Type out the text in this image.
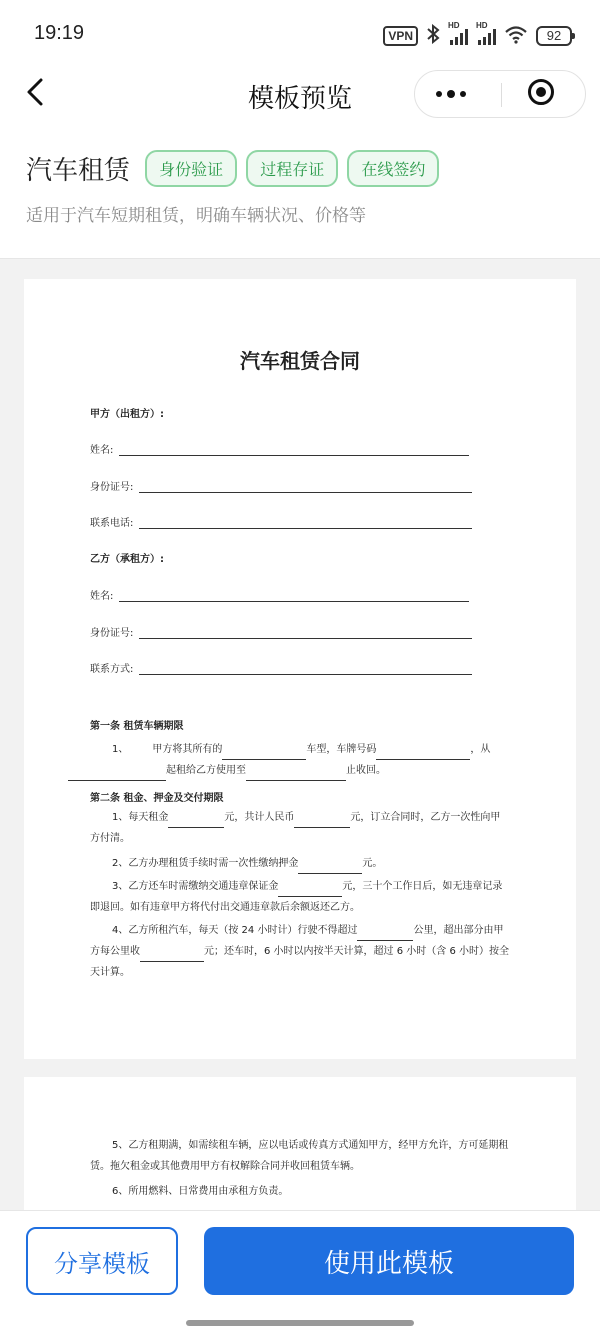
19:19	VPN
HD HD
92
模板预览
汽车租赁 身份验证 过程存证 在线签约
适用于汽车短期租赁，明确车辆状况、价格等
汽车租赁合同
甲方（出租方）:
姓名:
身份证号:
联系电话:
乙方（承租方）:
姓名:
身份证号:
联系方式:
第一条 租赁车辆期限
1、 甲方将其所有的	车型，车牌号码	，从起租给乙方使用至	止收回。
第二条 租金、押金及交付期限
1、每天租金	元，共计人民币	元，订立合同时，乙方一次性向甲方付清。
2、乙方办理租赁手续时需一次性缴纳押金	元。
3、乙方还车时需缴纳交通违章保证金	元，三十个工作日后，如无违章记录即退回。如有违章甲方将代付出交通违章款后余额返还乙方。
4、乙方所租汽车，每天（按 24 小时计）行驶不得超过	公里，超出部分由甲方每公里收	元；还车时，6 小时以内按半天计算，超过 6 小时（含 6 小时）按全天计算。
5、乙方租期满，如需续租车辆，应以电话或传真方式通知甲方，经甲方允许，方可延期租赁。拖欠租金或其他费用甲方有权解除合同并收回租赁车辆。
6、所用燃料、日常费用由承租方负责。
分享模板	使用此模板
